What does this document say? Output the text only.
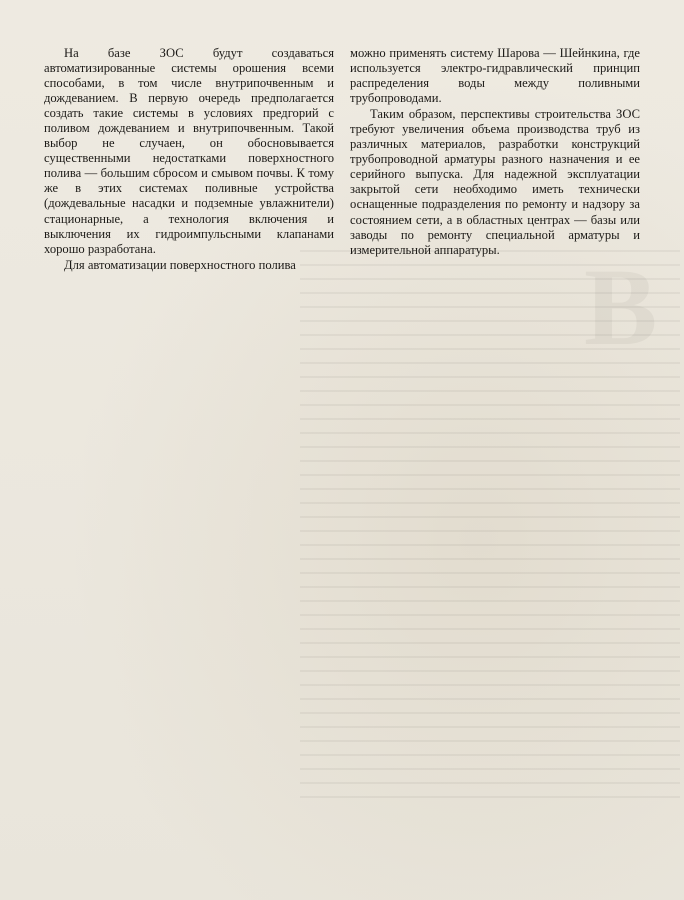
В

На базе ЗОС будут создаваться автоматизированные системы орошения всеми способами, в том числе внутрипочвенным и дождеванием. В первую очередь предполагается создать такие системы в условиях предгорий с поливом дождеванием и внутрипочвенным. Такой выбор не случаен, он обосновывается существенными недостатками поверхностного полива — большим сбросом и смывом почвы. К тому же в этих системах поливные устройства (дождевальные насадки и подземные увлажнители) стационарные, а технология включения и выключения их гидроимпульсными клапанами хорошо разработана.

Для автоматизации поверхностного полива

можно применять систему Шарова — Шейнкина, где используется электро-гидравлический принцип распределения воды между поливными трубопроводами.

Таким образом, перспективы строительства ЗОС требуют увеличения объема производства труб из различных материалов, разработки конструкций трубопроводной арматуры разного назначения и ее серийного выпуска. Для надежной эксплуатации закрытой сети необходимо иметь технически оснащенные подразделения по ремонту и надзору за состоянием сети, а в областных центрах — базы или заводы по ремонту специальной арматуры и измерительной аппаратуры.
